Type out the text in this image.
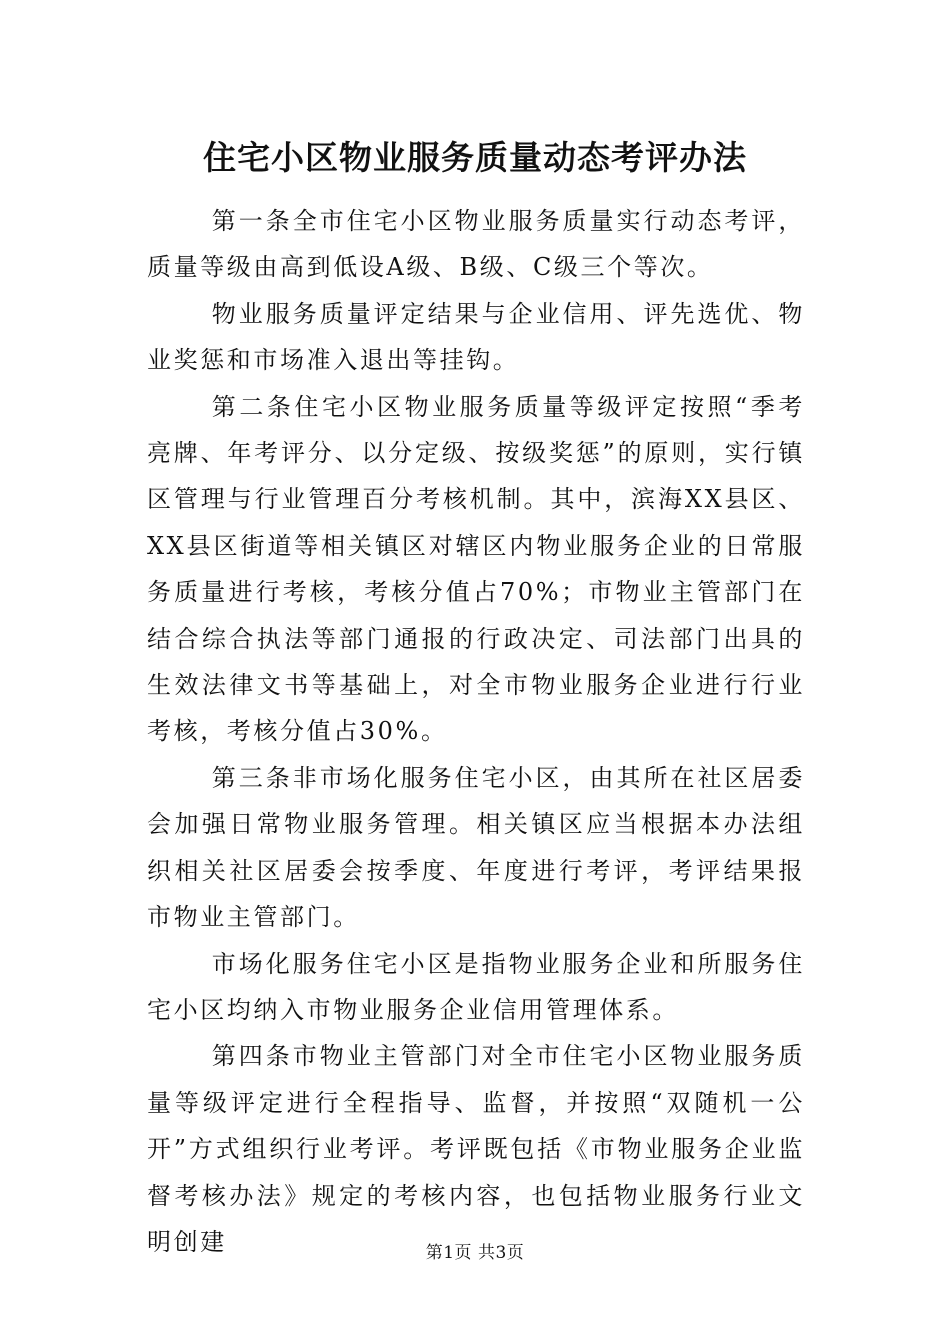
住宅小区物业服务质量动态考评办法

第一条全市住宅小区物业服务质量实行动态考评，质量等级由高到低设A级、B级、C级三个等次。

物业服务质量评定结果与企业信用、评先选优、物业奖惩和市场准入退出等挂钩。

第二条住宅小区物业服务质量等级评定按照“季考亮牌、年考评分、以分定级、按级奖惩”的原则，实行镇区管理与行业管理百分考核机制。其中，滨海XX县区、XX县区街道等相关镇区对辖区内物业服务企业的日常服务质量进行考核，考核分值占70%；市物业主管部门在结合综合执法等部门通报的行政决定、司法部门出具的生效法律文书等基础上，对全市物业服务企业进行行业考核，考核分值占30%。

第三条非市场化服务住宅小区，由其所在社区居委会加强日常物业服务管理。相关镇区应当根据本办法组织相关社区居委会按季度、年度进行考评，考评结果报市物业主管部门。

市场化服务住宅小区是指物业服务企业和所服务住宅小区均纳入市物业服务企业信用管理体系。

第四条市物业主管部门对全市住宅小区物业服务质量等级评定进行全程指导、监督，并按照“双随机一公开”方式组织行业考评。考评既包括《市物业服务企业监督考核办法》规定的考核内容，也包括物业服务行业文明创建	第1页 共3页
